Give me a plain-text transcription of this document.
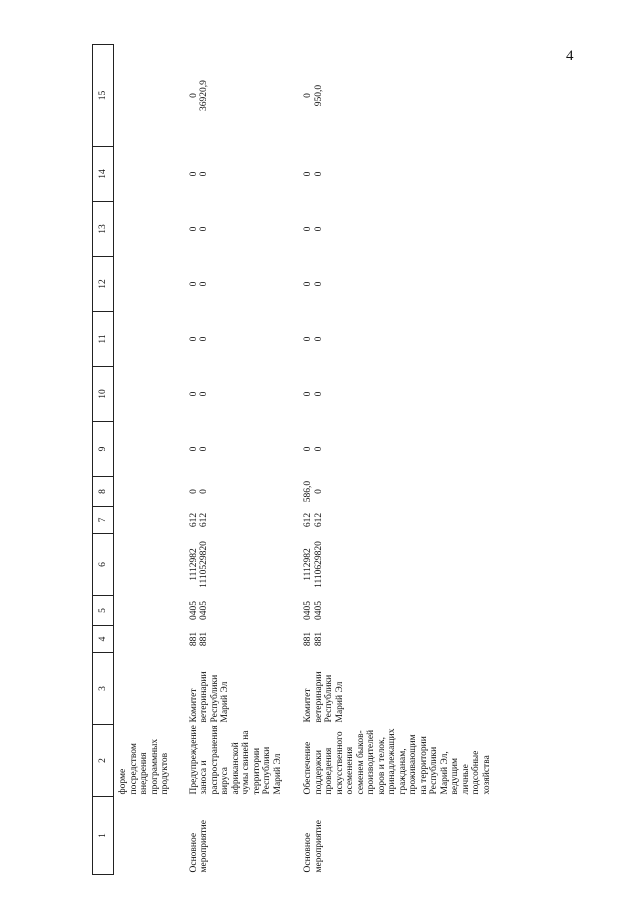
4
1	2	3	4	5	6	7	8	9	10	11	12	13	14	15
	форме посредством внедрения программных продуктов													
Основное мероприятие	Предупреждение заноса и распространения вируса африканской чумы свиней на территории Республики Марий Эл	Комитет ветеринарии Республики Марий Эл	881 881	0405 0405	1112982 1110529820	612 612	0 0	0 0	0 0	0 0	0 0	0 0	0 0	0 36920,9

Основное мероприятие	Обеспечение поддержки проведения искусственного осеменения семенем быков-производителей коров и телок, принадлежащих гражданам, проживающим на территории Республики Марий Эл, ведущим личные подсобные хозяйства	Комитет ветеринарии Республики Марий Эл	881 881	0405 0405	1112982 1110629820	612 612	586,0 0	0 0	0 0	0 0	0 0	0 0	0 0	0 950,0
